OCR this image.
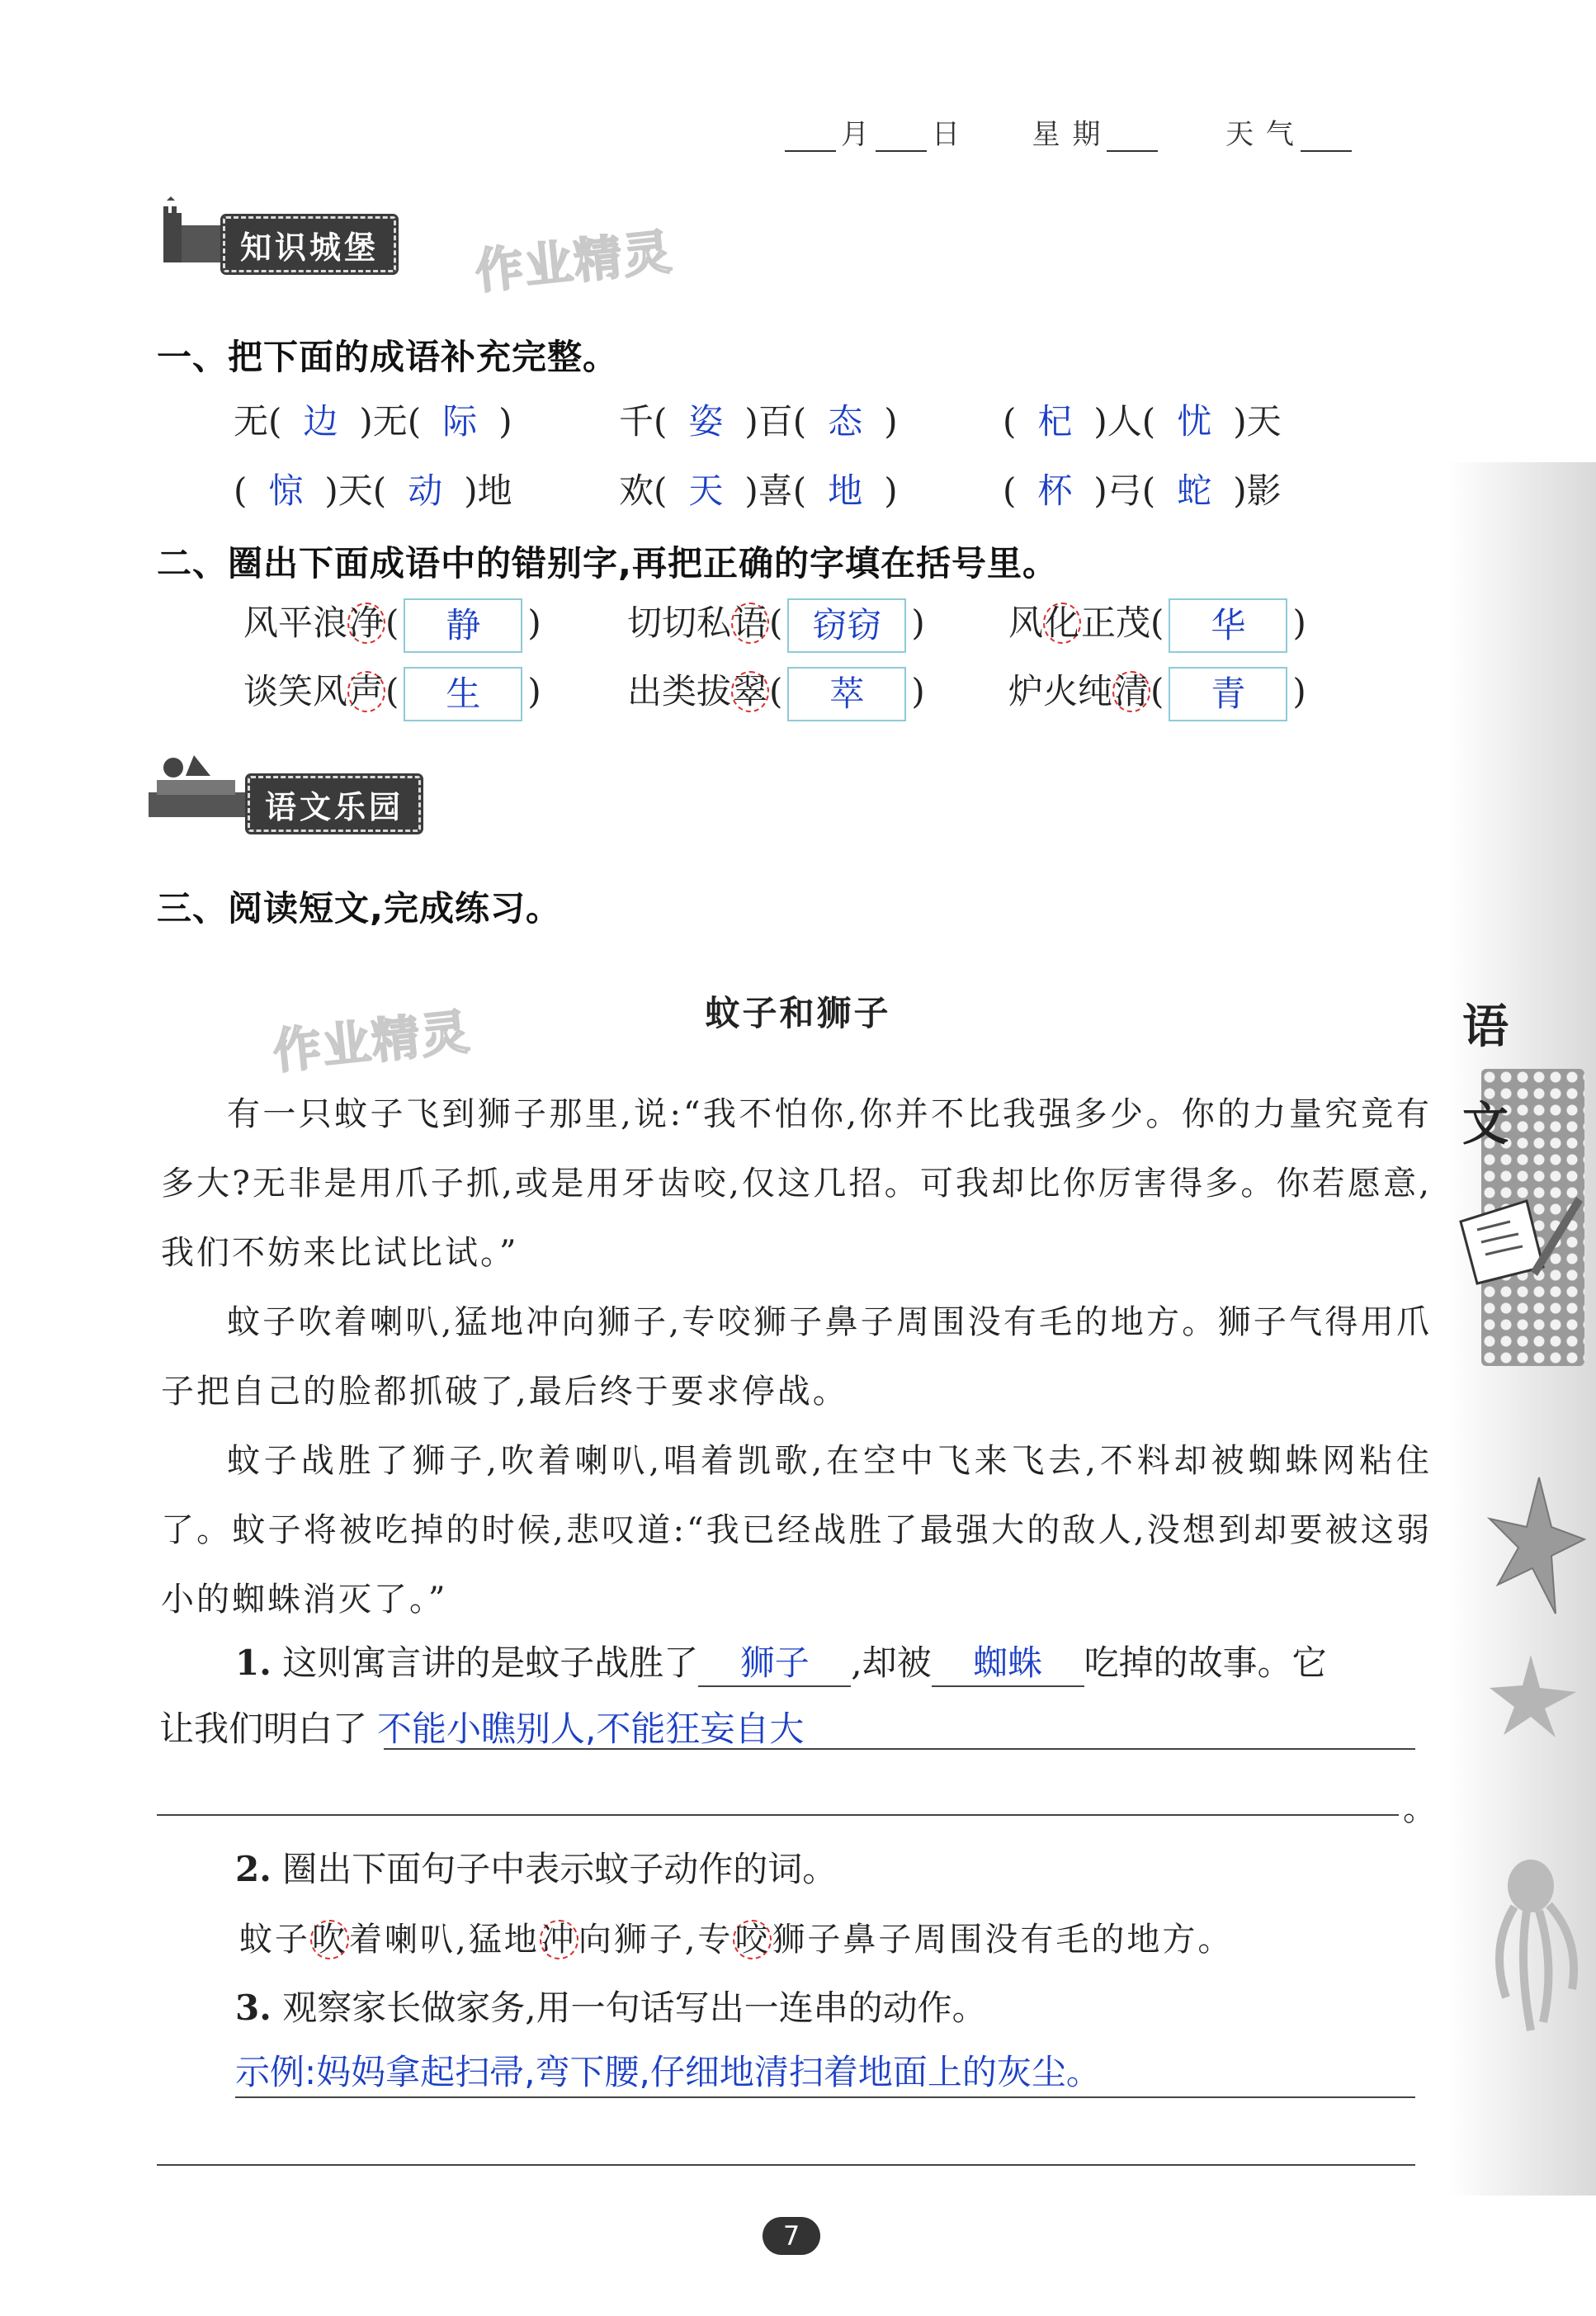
语
文
月 日	星 期	天 气
知识城堡 作业精灵
一、把下面的成语补充完整。
无( 边 )无( 际 )	千( 姿 )百( 态 )	( 杞 )人( 忧 )天
( 惊 )天( 动 )地	欢( 天 )喜( 地 )	( 杯 )弓( 蛇 )影
二、圈出下面成语中的错别字,再把正确的字填在括号里。
风平浪净( 静 ) 切切私语( 窃窃 ) 风化正茂( 华 )
谈笑风声( 生 ) 出类拔翠( 萃 ) 炉火纯清( 青 )
语文乐园
三、阅读短文,完成练习。
作业精灵	蚊子和狮子

有一只蚊子飞到狮子那里,说:“我不怕你,你并不比我强多少。你的力量究竟有多大?无非是用爪子抓,或是用牙齿咬,仅这几招。可我却比你厉害得多。你若愿意,我们不妨来比试比试。”

蚊子吹着喇叭,猛地冲向狮子,专咬狮子鼻子周围没有毛的地方。狮子气得用爪子把自己的脸都抓破了,最后终于要求停战。

蚊子战胜了狮子,吹着喇叭,唱着凯歌,在空中飞来飞去,不料却被蜘蛛网粘住了。蚊子将被吃掉的时候,悲叹道:“我已经战胜了最强大的敌人,没想到却要被这弱小的蜘蛛消灭了。”

1. 这则寓言讲的是蚊子战胜了 狮子 ,却被 蜘蛛 吃掉的故事。它
让我们明白了 不能小瞧别人,不能狂妄自大
。
2. 圈出下面句子中表示蚊子动作的词。
蚊子吹着喇叭,猛地冲向狮子,专咬狮子鼻子周围没有毛的地方。
3. 观察家长做家务,用一句话写出一连串的动作。
示例:妈妈拿起扫帚,弯下腰,仔细地清扫着地面上的灰尘。
7
